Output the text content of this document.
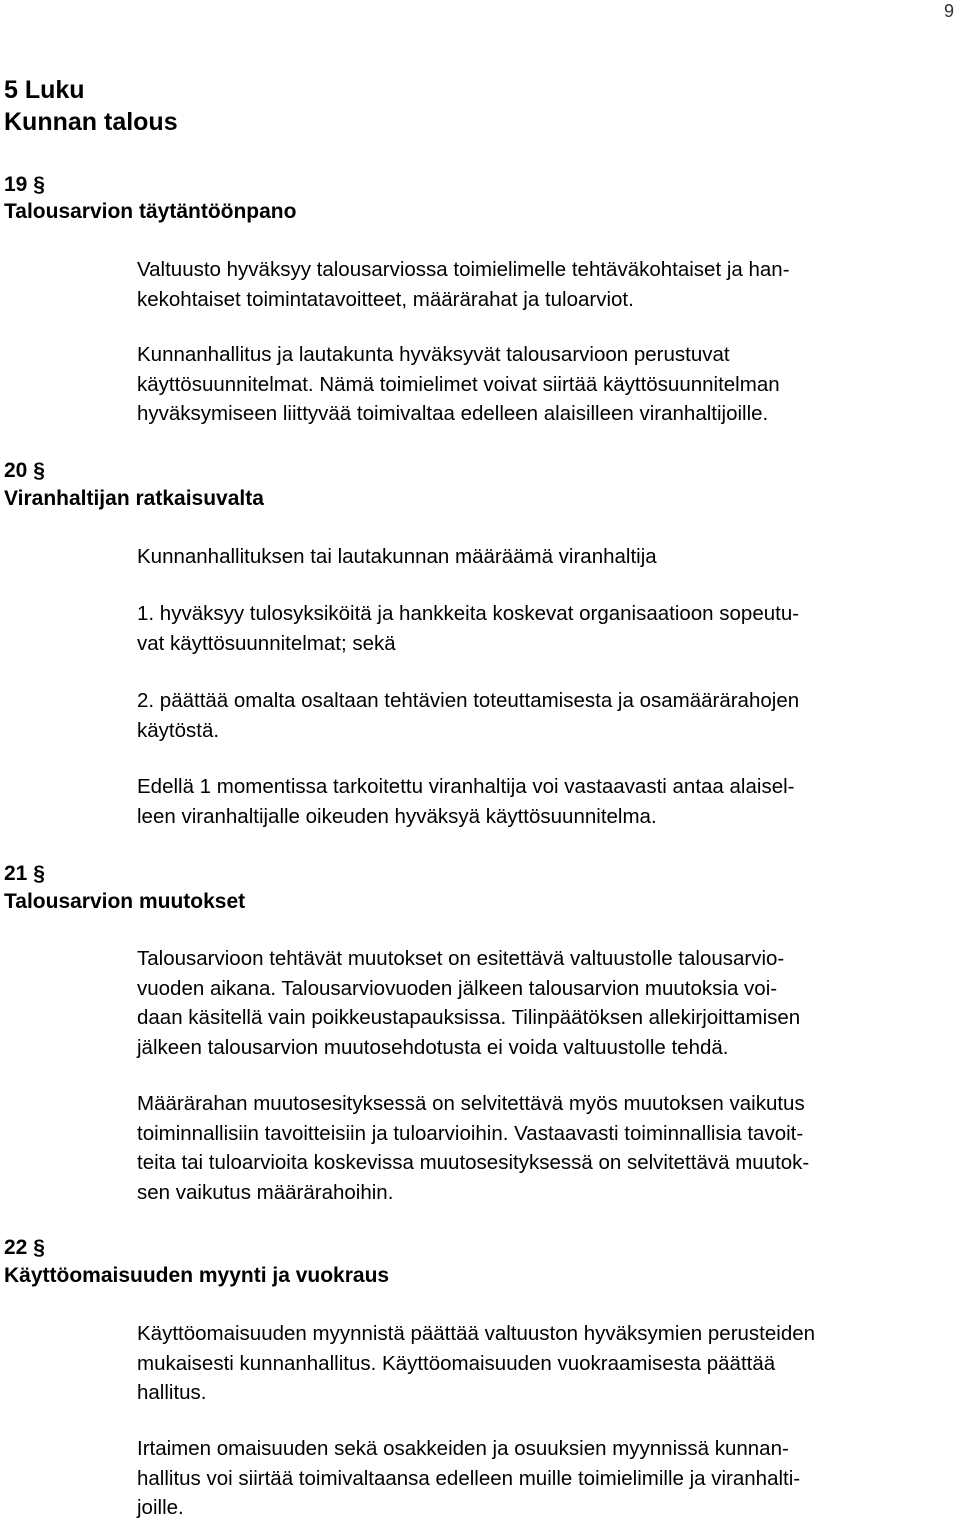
9
5 Luku
Kunnan talous
19 §
Talousarvion täytäntöönpano

Valtuusto hyväksyy talousarviossa toimielimelle tehtäväkohtaiset ja han-
kekohtaiset toimintatavoitteet, määrärahat ja tuloarviot.

Kunnanhallitus ja lautakunta hyväksyvät talousarvioon perustuvat
käyttösuunnitelmat. Nämä toimielimet voivat siirtää käyttösuunnitelman
hyväksymiseen liittyvää toimivaltaa edelleen alaisilleen viranhaltijoille.

20 §
Viranhaltijan ratkaisuvalta

Kunnanhallituksen tai lautakunnan määräämä viranhaltija

1. hyväksyy tulosyksiköitä ja hankkeita koskevat organisaatioon sopeutu-
vat käyttösuunnitelmat; sekä

2. päättää omalta osaltaan tehtävien toteuttamisesta ja osamäärärahojen
käytöstä.

Edellä 1 momentissa tarkoitettu viranhaltija voi vastaavasti antaa alaisel-
leen viranhaltijalle oikeuden hyväksyä käyttösuunnitelma.

21 §
Talousarvion muutokset

Talousarvioon tehtävät muutokset on esitettävä valtuustolle talousarvio-
vuoden aikana. Talousarviovuoden jälkeen talousarvion muutoksia voi-
daan käsitellä vain poikkeustapauksissa. Tilinpäätöksen allekirjoittamisen
jälkeen talousarvion muutosehdotusta ei voida valtuustolle tehdä.

Määrärahan muutosesityksessä on selvitettävä myös muutoksen vaikutus
toiminnallisiin tavoitteisiin ja tuloarvioihin. Vastaavasti toiminnallisia tavoit-
teita tai tuloarvioita koskevissa muutosesityksessä on selvitettävä muutok-
sen vaikutus määrärahoihin.

22 §
Käyttöomaisuuden myynti ja vuokraus

Käyttöomaisuuden myynnistä päättää valtuuston hyväksymien perusteiden
mukaisesti kunnanhallitus. Käyttöomaisuuden vuokraamisesta päättää
hallitus.

Irtaimen omaisuuden sekä osakkeiden ja osuuksien myynnissä kunnan-
hallitus voi siirtää toimivaltaansa edelleen muille toimielimille ja viranhalti-
joille.
